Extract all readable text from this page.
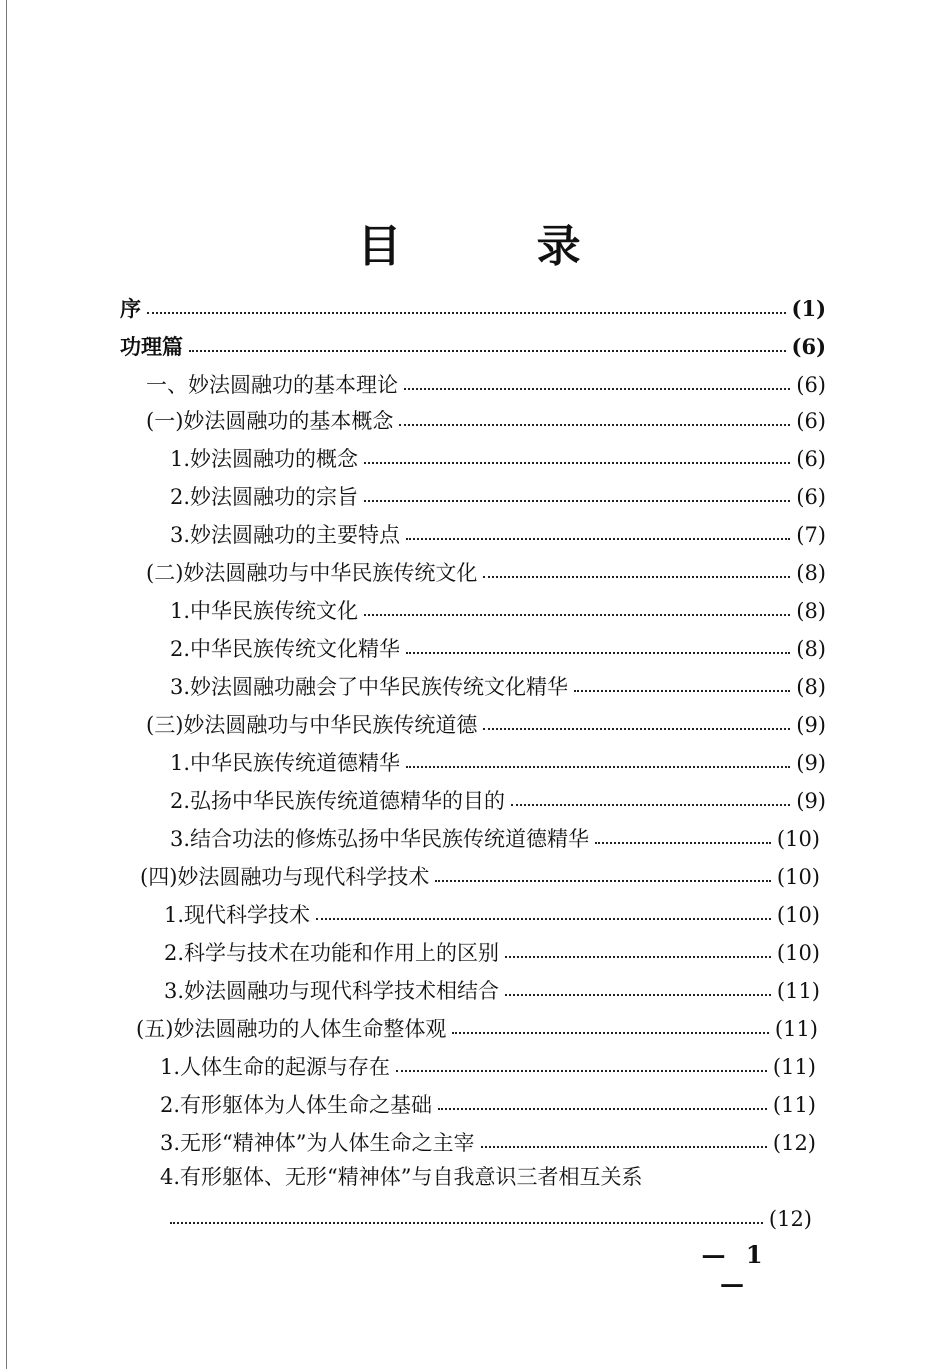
目 录
序	(1)
功理篇	(6)
一、妙法圆融功的基本理论	(6)
(一)妙法圆融功的基本概念	(6)
1.妙法圆融功的概念	(6)
2.妙法圆融功的宗旨	(6)
3.妙法圆融功的主要特点	(7)
(二)妙法圆融功与中华民族传统文化	(8)
1.中华民族传统文化	(8)
2.中华民族传统文化精华	(8)
3.妙法圆融功融会了中华民族传统文化精华	(8)
(三)妙法圆融功与中华民族传统道德	(9)
1.中华民族传统道德精华	(9)
2.弘扬中华民族传统道德精华的目的	(9)
3.结合功法的修炼弘扬中华民族传统道德精华	(10)
(四)妙法圆融功与现代科学技术	(10)
1.现代科学技术	(10)
2.科学与技术在功能和作用上的区别	(10)
3.妙法圆融功与现代科学技术相结合	(11)
(五)妙法圆融功的人体生命整体观	(11)
1.人体生命的起源与存在	(11)
2.有形躯体为人体生命之基础	(11)
3.无形“精神体”为人体生命之主宰	(12)
4.有形躯体、无形“精神体”与自我意识三者相互关系
(12)
— 1 —
